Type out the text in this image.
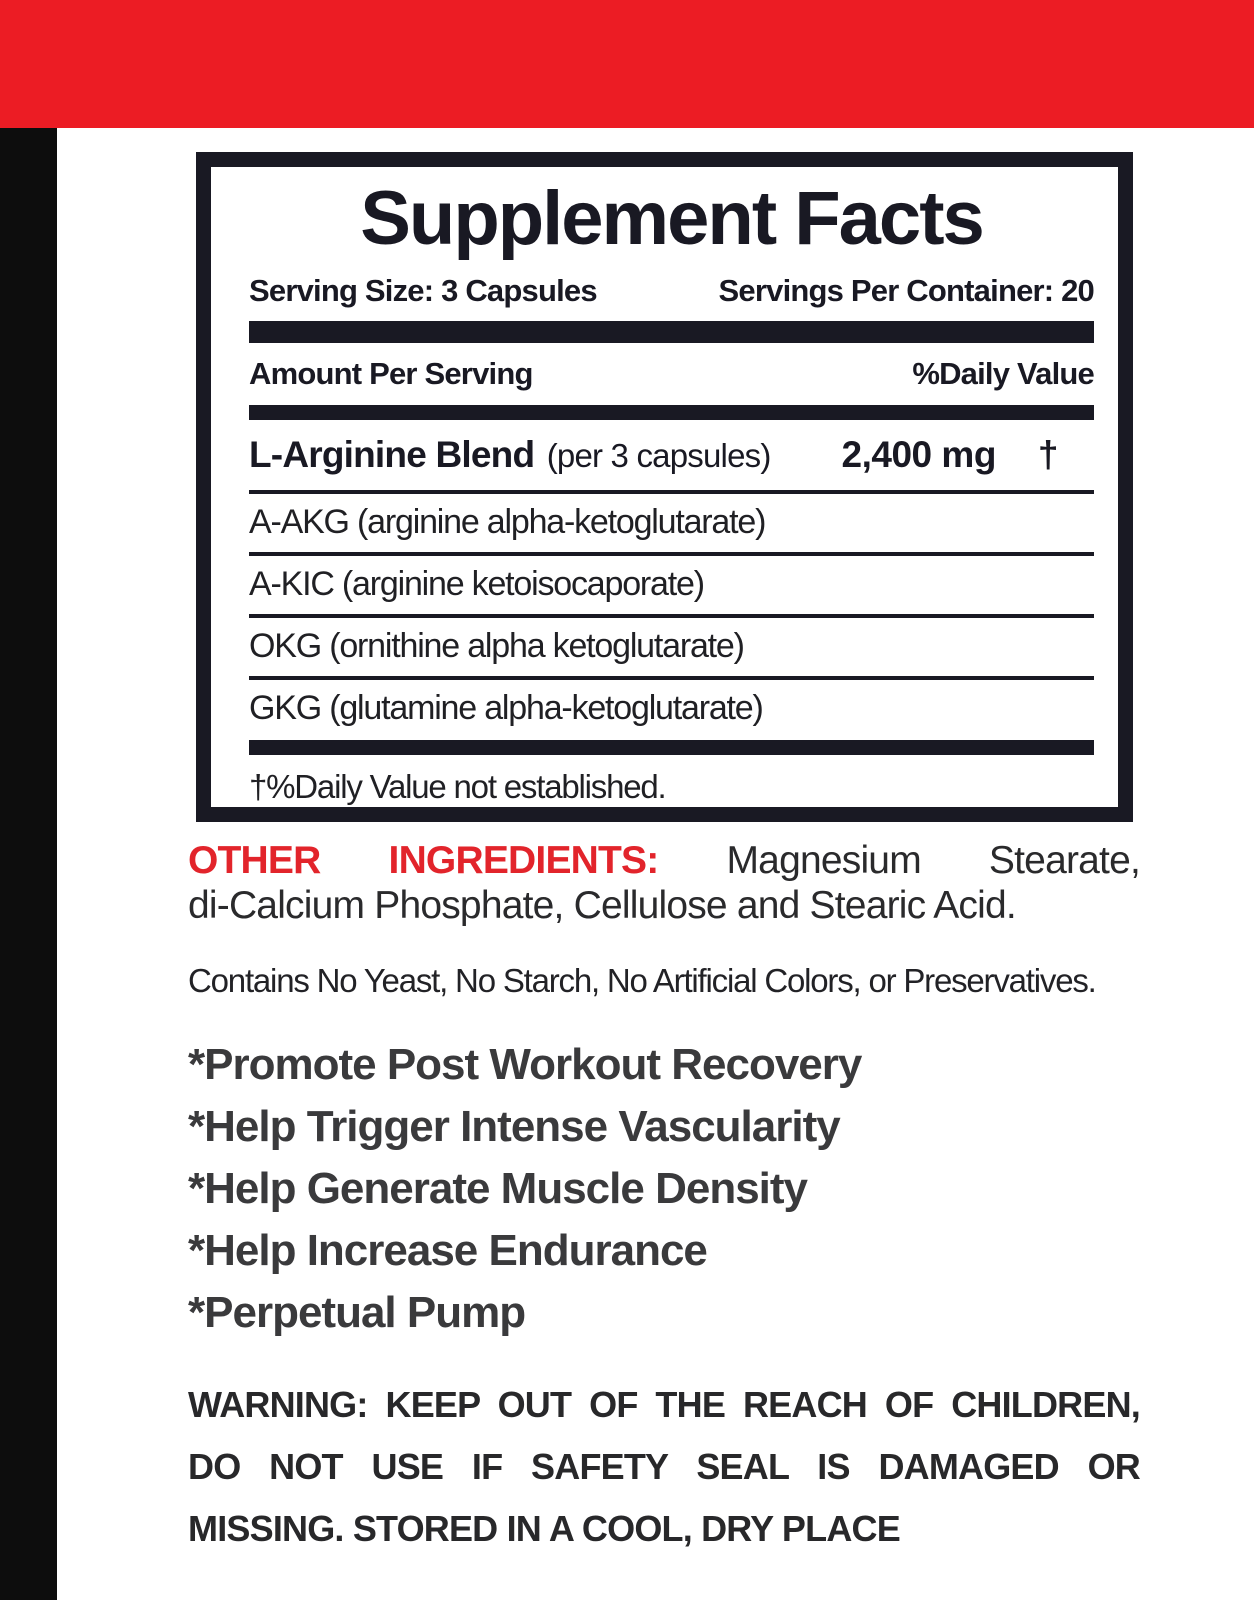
Supplement Facts
Serving Size: 3 Capsules	Servings Per Container: 20
Amount Per Serving	%Daily Value
L-Arginine Blend (per 3 capsules) 2,400 mg †
A-AKG (arginine alpha-ketoglutarate)
A-KIC (arginine ketoisocaporate)
OKG (ornithine alpha ketoglutarate)
GKG (glutamine alpha-ketoglutarate)
†%Daily Value not established.
OTHER INGREDIENTS: Magnesium Stearate,
di-Calcium Phosphate, Cellulose and Stearic Acid.
Contains No Yeast, No Starch, No Artificial Colors, or Preservatives.
*Promote Post Workout Recovery
*Help Trigger Intense Vascularity
*Help Generate Muscle Density
*Help Increase Endurance
*Perpetual Pump
WARNING: KEEP OUT OF THE REACH OF CHILDREN,
DO NOT USE IF SAFETY SEAL IS DAMAGED OR
MISSING. STORED IN A COOL, DRY PLACE
